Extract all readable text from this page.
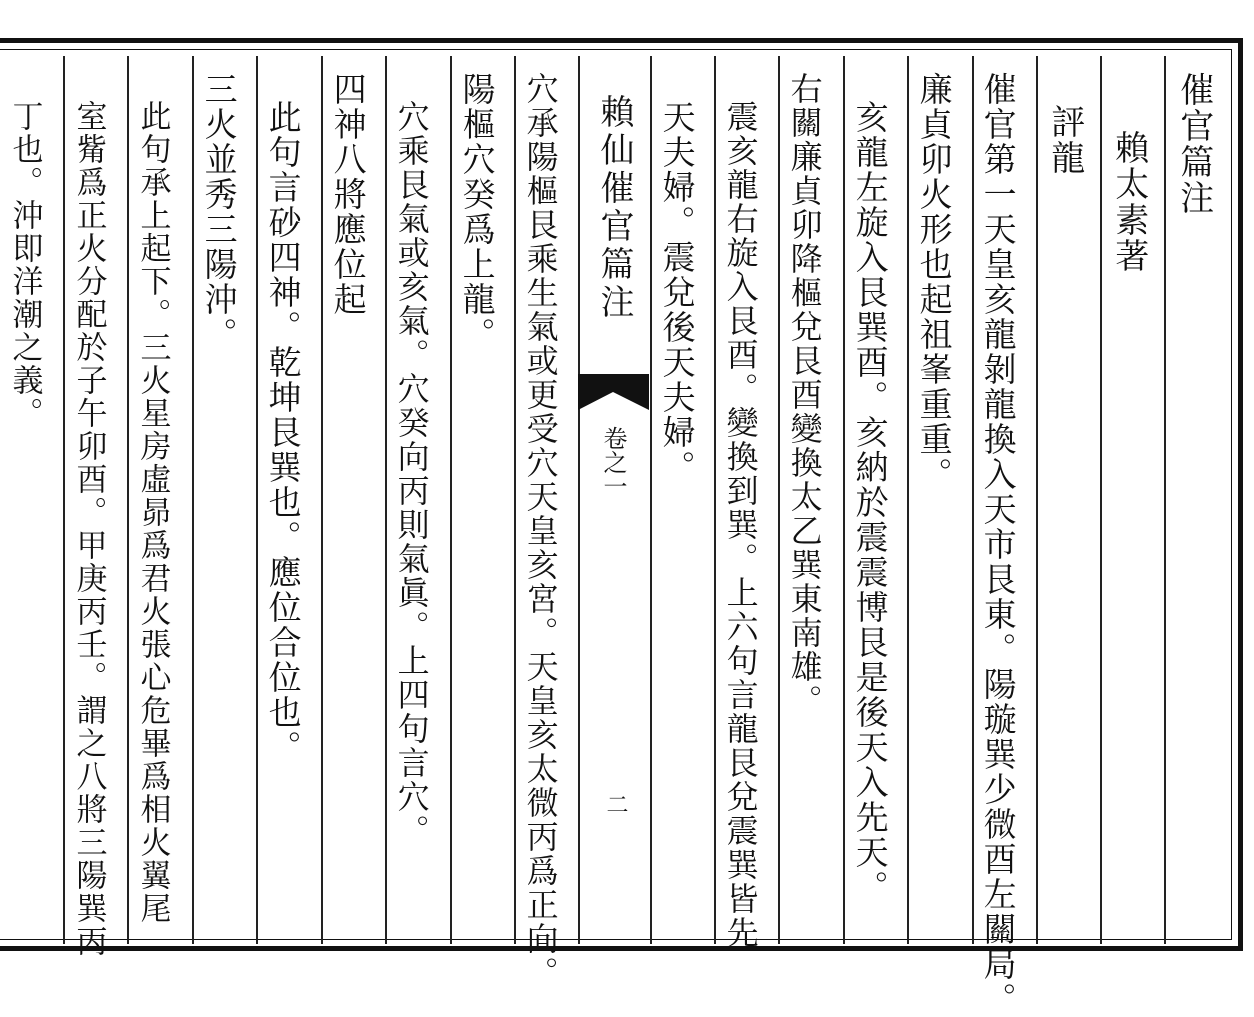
催官篇注
賴太素著
評龍
催官第一天皇亥龍剝龍換入天市艮東。陽璇巽少微酉左關局。
廉貞卯火形也起祖峯重重。
亥龍左旋入艮巽酉。亥納於震震博艮是後天入先天。
右關廉貞卯降樞兌艮酉變換太乙巽東南雄。
震亥龍右旋入艮酉。變換到巽。上六句言龍艮兌震巽皆先
天夫婦。震兌後天夫婦。
賴仙催官篇注
卷之一
二
穴承陽樞艮乘生氣或更受穴天皇亥宮。天皇亥太微丙爲正向。
陽樞穴癸爲上龍。
穴乘艮氣或亥氣。穴癸向丙則氣眞。上四句言穴。
四神八將應位起
此句言砂四神。乾坤艮巽也。應位合位也。
三火並秀三陽沖。
此句承上起下。三火星房虛昴爲君火張心危畢爲相火翼尾
室觜爲正火分配於子午卯酉。甲庚丙壬。謂之八將三陽巽丙
丁也。沖即洋潮之義。
